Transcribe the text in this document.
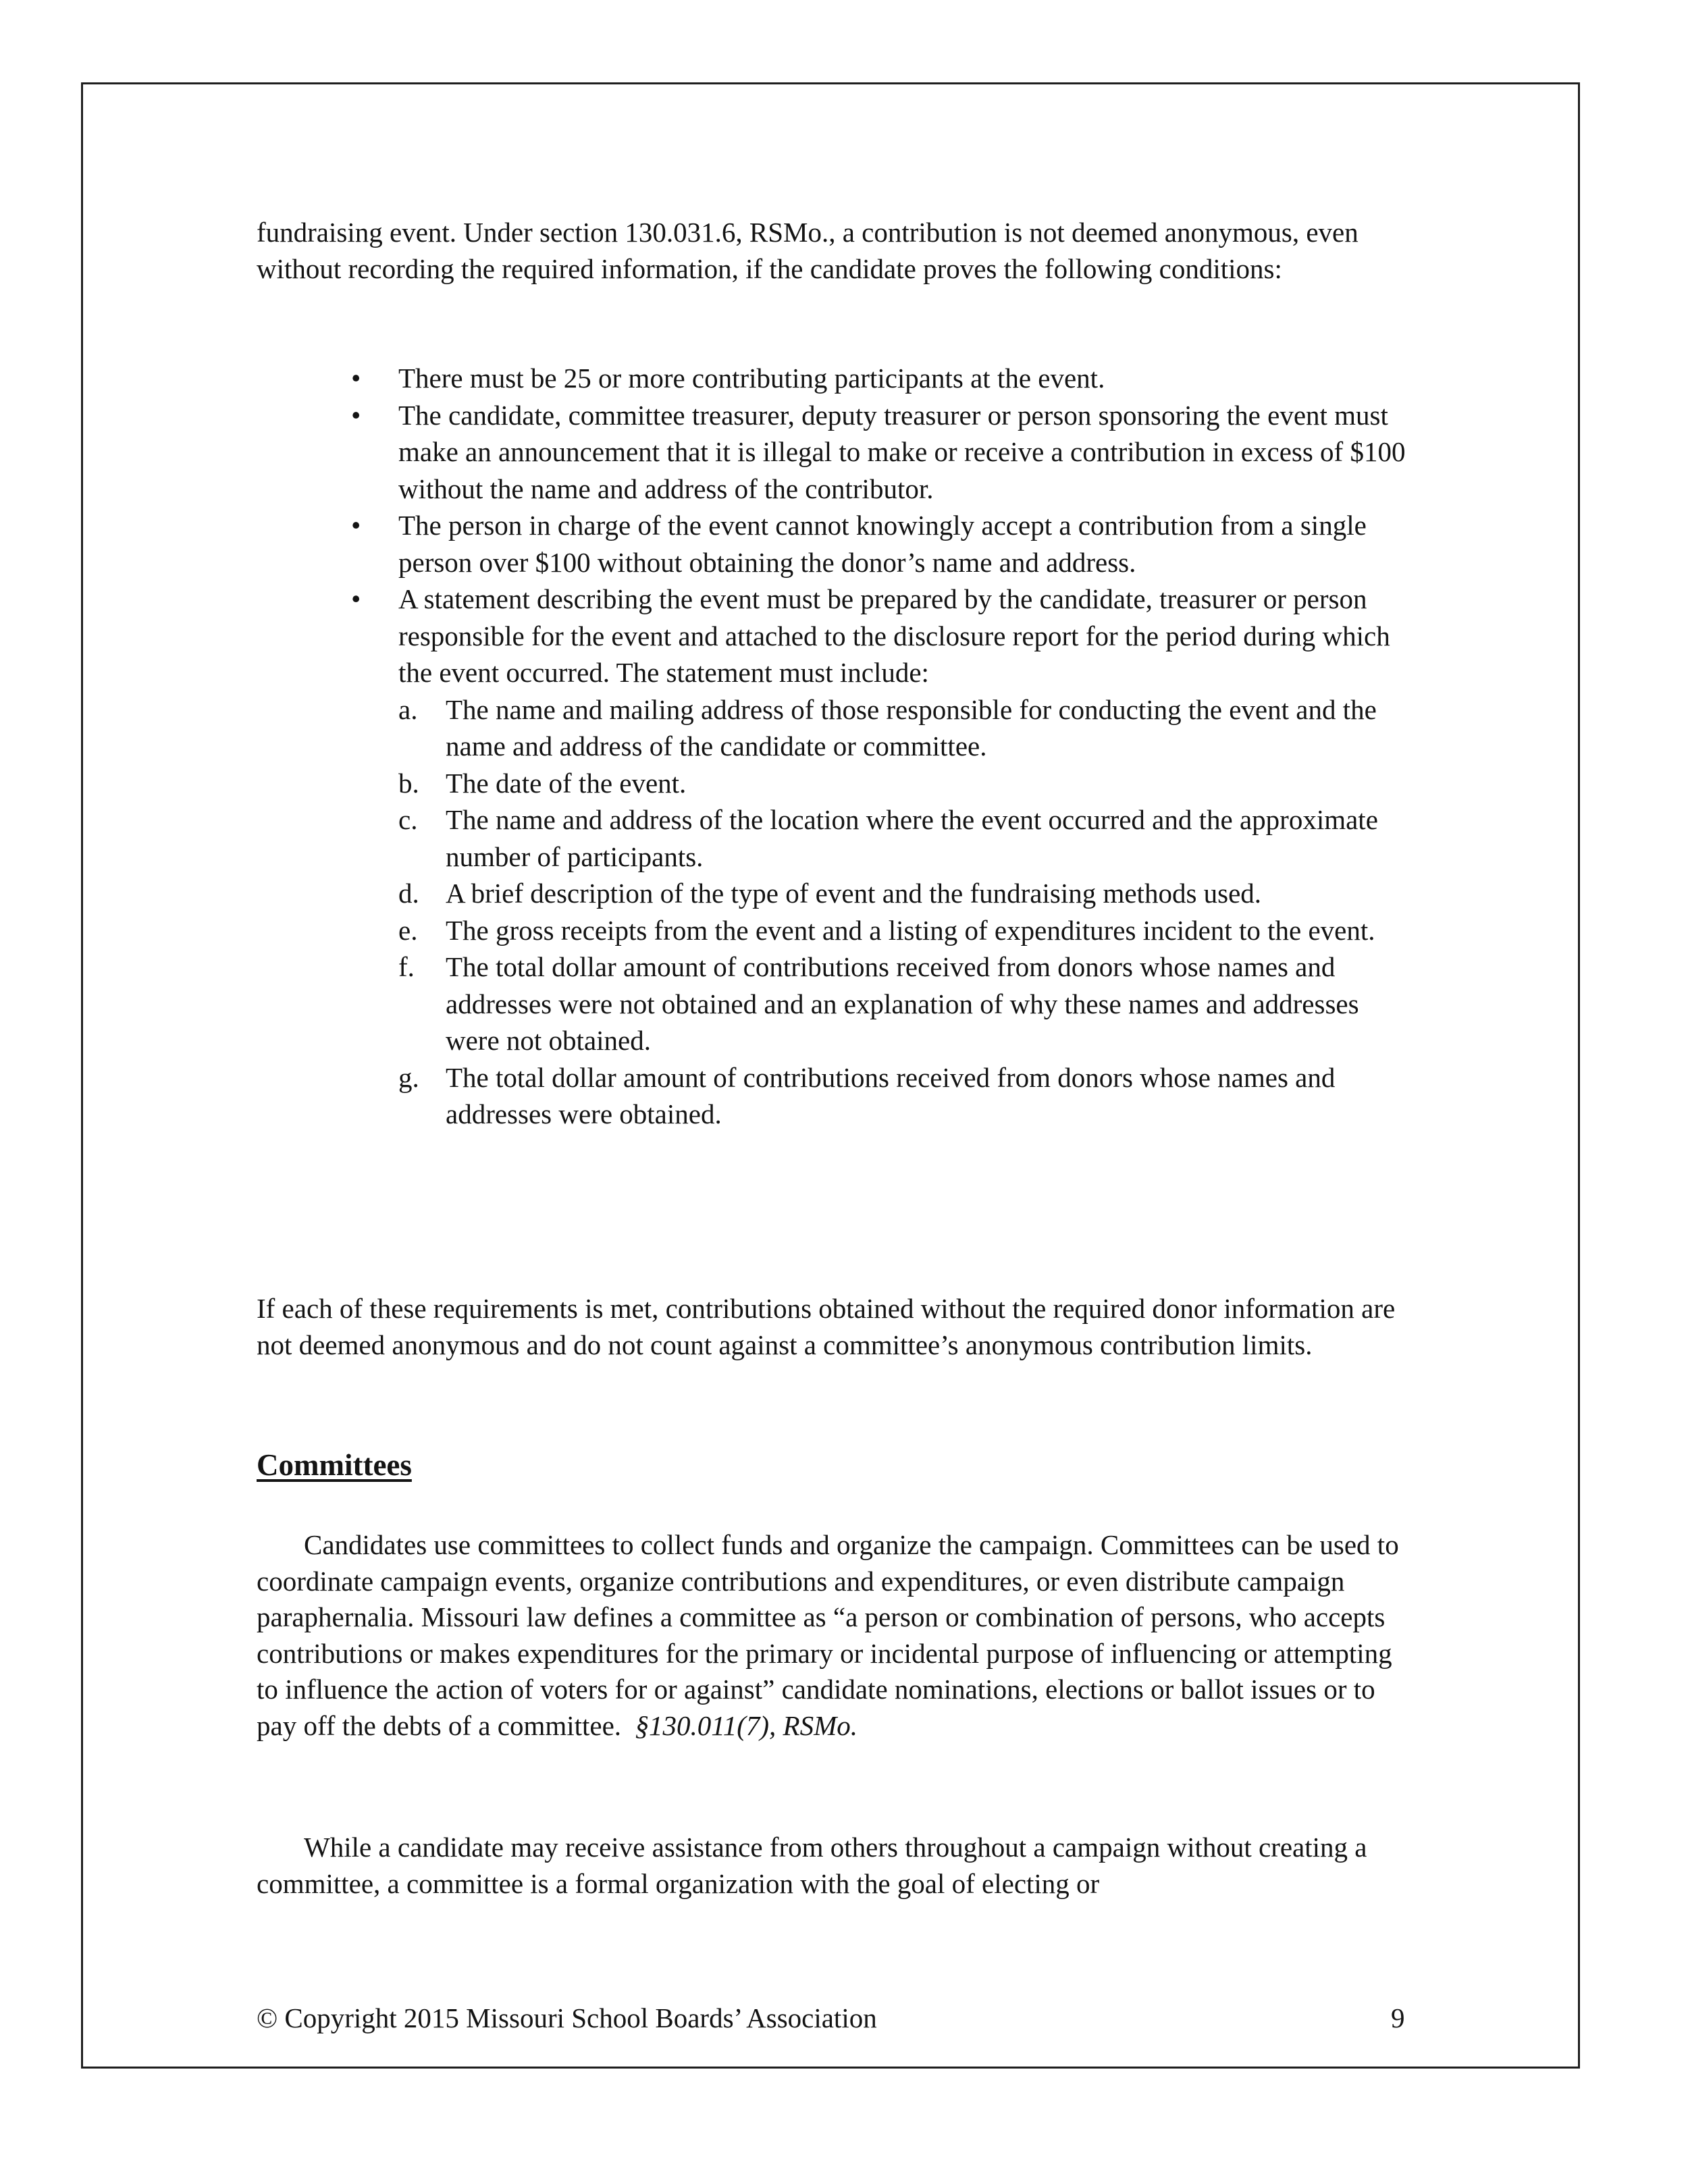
fundraising event. Under section 130.031.6, RSMo., a contribution is not deemed anonymous, even without recording the required information, if the candidate proves the following conditions:

•	There must be 25 or more contributing participants at the event.
•	The candidate, committee treasurer, deputy treasurer or person sponsoring the event must make an announcement that it is illegal to make or receive a contribution in excess of $100 without the name and address of the contributor.
•	The person in charge of the event cannot knowingly accept a contribution from a single person over $100 without obtaining the donor’s name and address.
•	A statement describing the event must be prepared by the candidate, treasurer or person responsible for the event and attached to the disclosure report for the period during which the event occurred. The statement must include:
a. The name and mailing address of those responsible for conducting the event and the name and address of the candidate or committee.
b. The date of the event.
c. The name and address of the location where the event occurred and the approximate number of participants.
d. A brief description of the type of event and the fundraising methods used.
e. The gross receipts from the event and a listing of expenditures incident to the event.
f. The total dollar amount of contributions received from donors whose names and addresses were not obtained and an explanation of why these names and addresses were not obtained.
g. The total dollar amount of contributions received from donors whose names and addresses were obtained.

If each of these requirements is met, contributions obtained without the required donor information are not deemed anonymous and do not count against a committee’s anonymous contribution limits.

Committees

Candidates use committees to collect funds and organize the campaign. Committees can be used to coordinate campaign events, organize contributions and expenditures, or even distribute campaign paraphernalia. Missouri law defines a committee as “a person or combination of persons, who accepts contributions or makes expenditures for the primary or incidental purpose of influencing or attempting to influence the action of voters for or against” candidate nominations, elections or ballot issues or to pay off the debts of a committee. §130.011(7), RSMo.

While a candidate may receive assistance from others throughout a campaign without creating a committee, a committee is a formal organization with the goal of electing or

© Copyright 2015 Missouri School Boards’ Association	9
